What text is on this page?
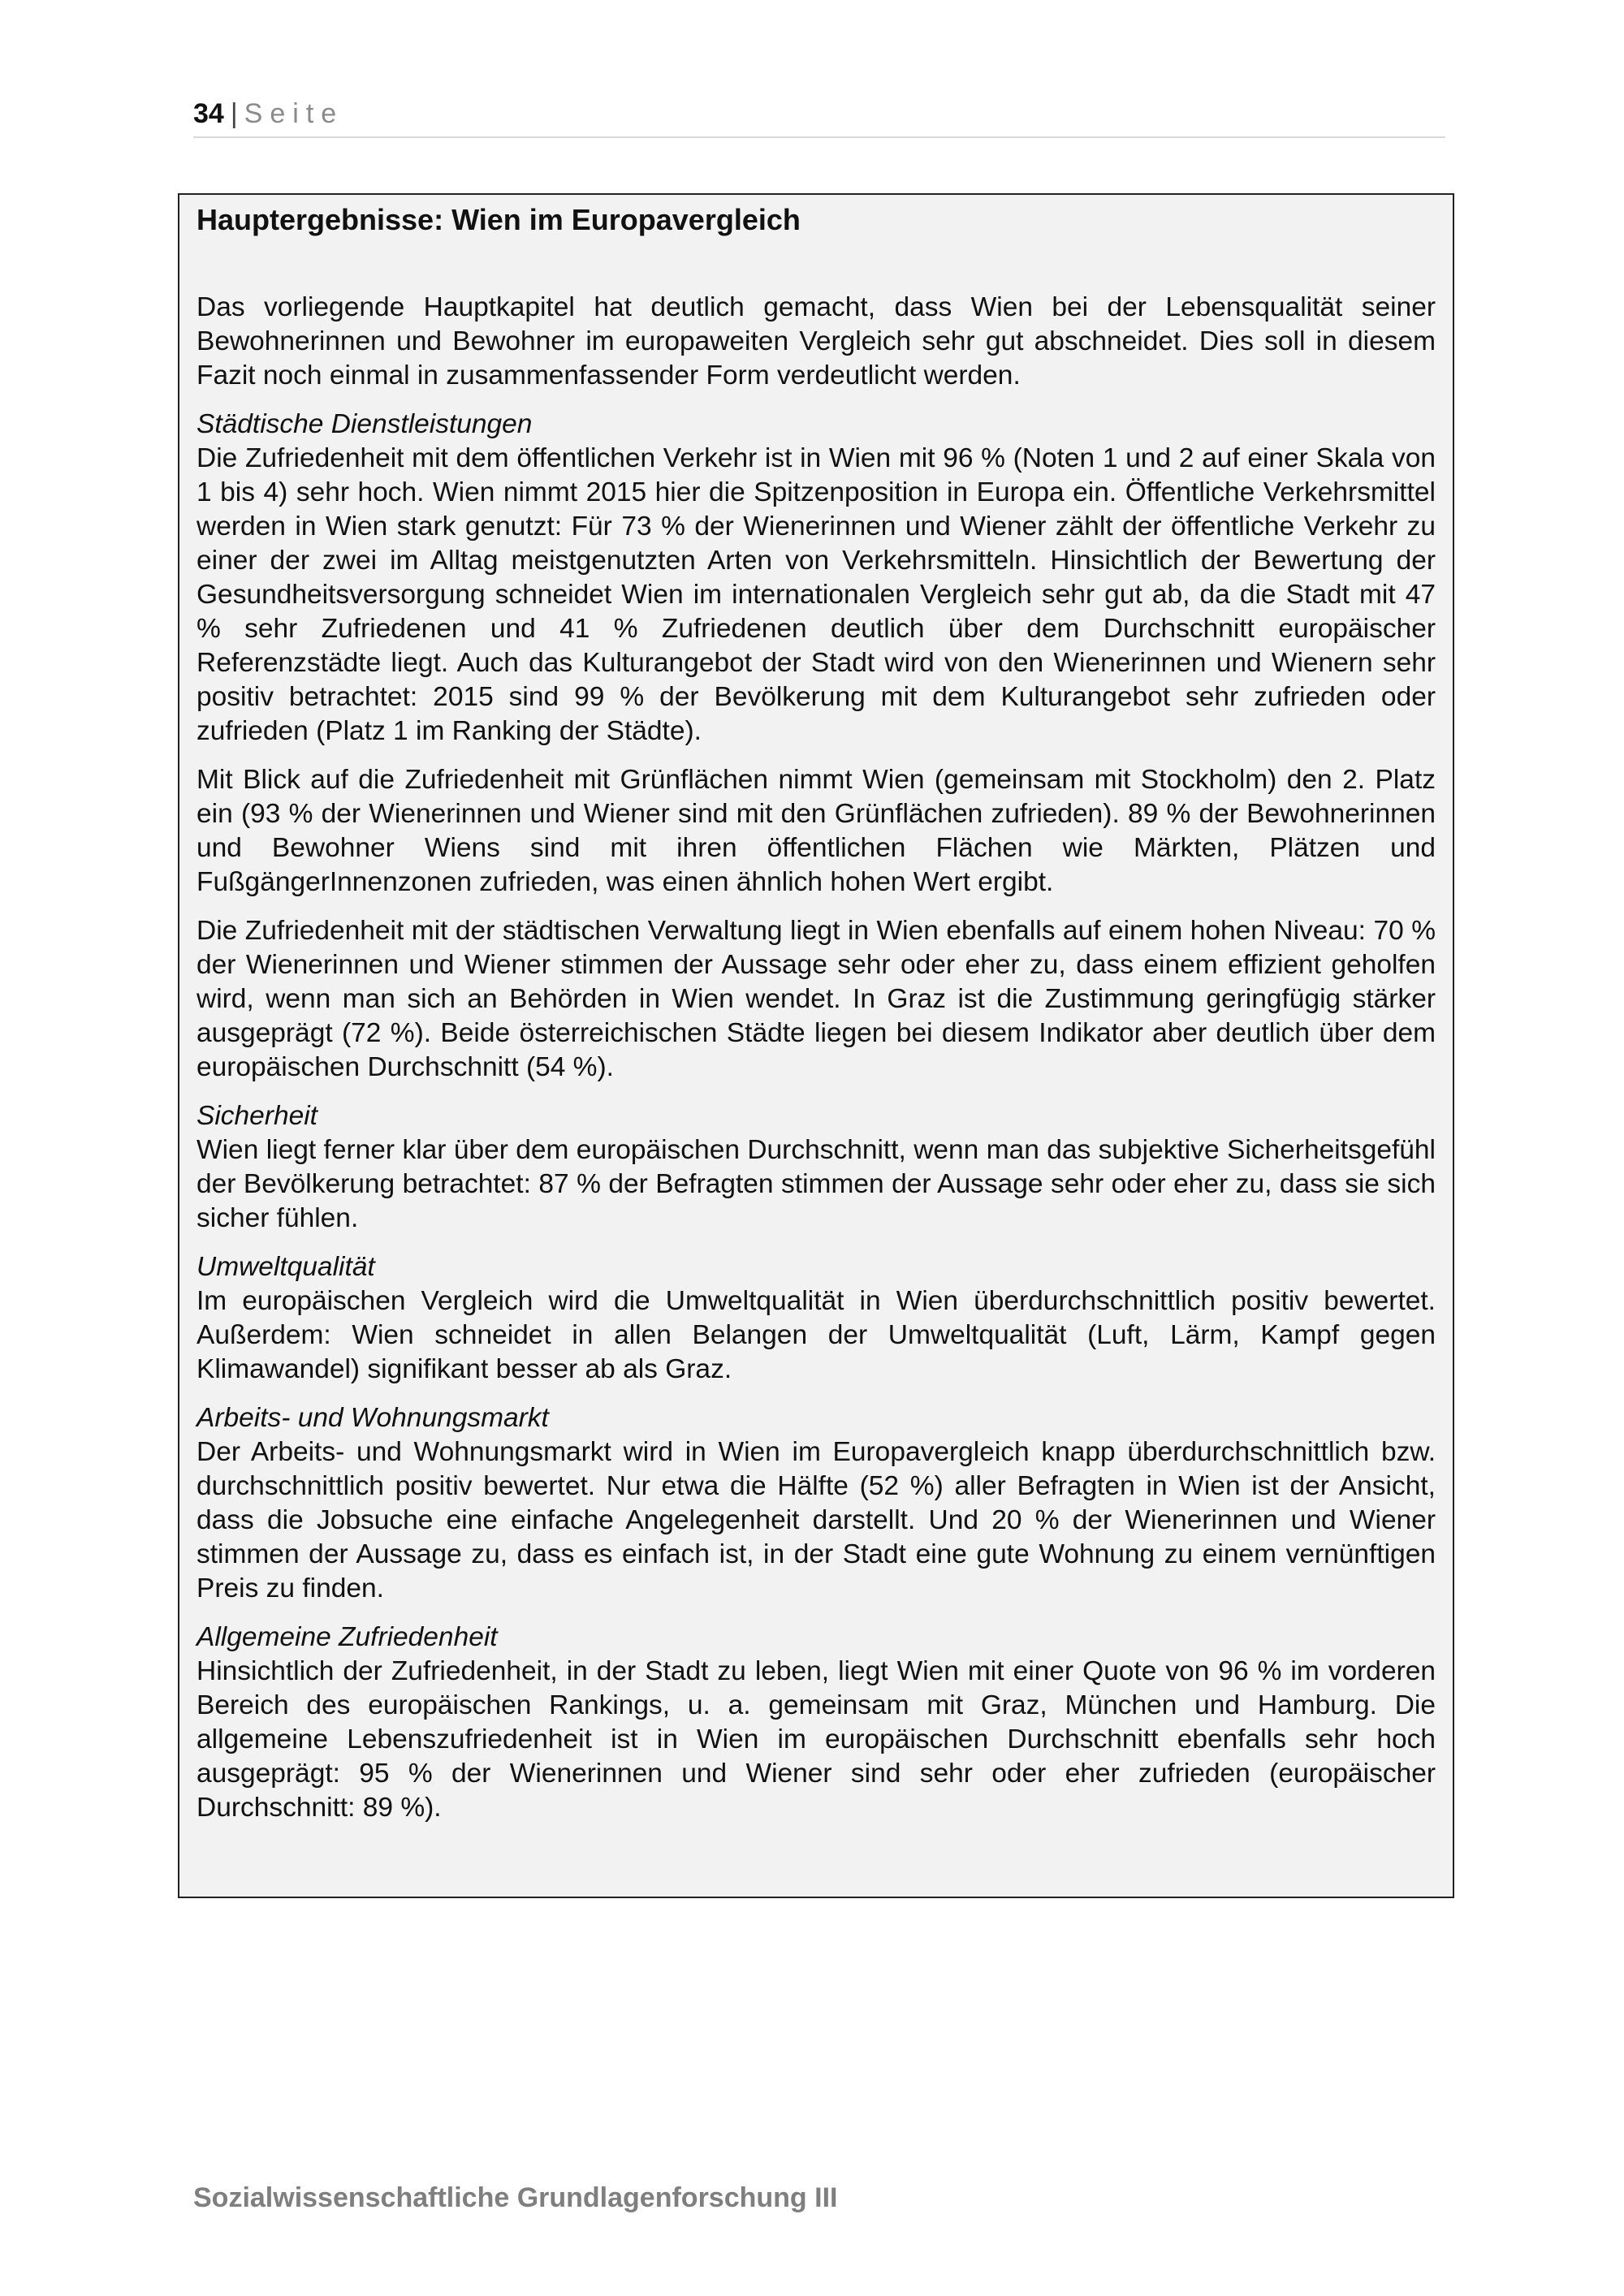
34 | Seite
Hauptergebnisse: Wien im Europavergleich

Das vorliegende Hauptkapitel hat deutlich gemacht, dass Wien bei der Lebensqualität seiner Bewohnerinnen und Bewohner im europaweiten Vergleich sehr gut abschneidet. Dies soll in diesem Fazit noch einmal in zusammenfassender Form verdeutlicht werden.

Städtische Dienstleistungen

Die Zufriedenheit mit dem öffentlichen Verkehr ist in Wien mit 96 % (Noten 1 und 2 auf einer Skala von 1 bis 4) sehr hoch. Wien nimmt 2015 hier die Spitzenposition in Europa ein. Öffentliche Verkehrsmittel werden in Wien stark genutzt: Für 73 % der Wienerinnen und Wiener zählt der öffentliche Verkehr zu einer der zwei im Alltag meistgenutzten Arten von Verkehrsmitteln. Hinsichtlich der Bewertung der Gesundheitsversorgung schneidet Wien im internationalen Vergleich sehr gut ab, da die Stadt mit 47 % sehr Zufriedenen und 41 % Zufriedenen deutlich über dem Durchschnitt europäischer Referenzstädte liegt. Auch das Kulturangebot der Stadt wird von den Wienerinnen und Wienern sehr positiv betrachtet: 2015 sind 99 % der Bevölkerung mit dem Kulturangebot sehr zufrieden oder zufrieden (Platz 1 im Ranking der Städte).

Mit Blick auf die Zufriedenheit mit Grünflächen nimmt Wien (gemeinsam mit Stockholm) den 2. Platz ein (93 % der Wienerinnen und Wiener sind mit den Grünflächen zufrieden). 89 % der Bewohnerinnen und Bewohner Wiens sind mit ihren öffentlichen Flächen wie Märkten, Plätzen und FußgängerInnenzonen zufrieden, was einen ähnlich hohen Wert ergibt.

Die Zufriedenheit mit der städtischen Verwaltung liegt in Wien ebenfalls auf einem hohen Niveau: 70 % der Wienerinnen und Wiener stimmen der Aussage sehr oder eher zu, dass einem effizient geholfen wird, wenn man sich an Behörden in Wien wendet. In Graz ist die Zustimmung geringfügig stärker ausgeprägt (72 %). Beide österreichischen Städte liegen bei diesem Indikator aber deutlich über dem europäischen Durchschnitt (54 %).

Sicherheit

Wien liegt ferner klar über dem europäischen Durchschnitt, wenn man das subjektive Sicherheitsgefühl der Bevölkerung betrachtet: 87 % der Befragten stimmen der Aussage sehr oder eher zu, dass sie sich sicher fühlen.

Umweltqualität

Im europäischen Vergleich wird die Umweltqualität in Wien überdurchschnittlich positiv bewertet. Außerdem: Wien schneidet in allen Belangen der Umweltqualität (Luft, Lärm, Kampf gegen Klimawandel) signifikant besser ab als Graz.

Arbeits- und Wohnungsmarkt

Der Arbeits- und Wohnungsmarkt wird in Wien im Europavergleich knapp überdurchschnittlich bzw. durchschnittlich positiv bewertet. Nur etwa die Hälfte (52 %) aller Befragten in Wien ist der Ansicht, dass die Jobsuche eine einfache Angelegenheit darstellt. Und 20 % der Wienerinnen und Wiener stimmen der Aussage zu, dass es einfach ist, in der Stadt eine gute Wohnung zu einem vernünftigen Preis zu finden.

Allgemeine Zufriedenheit

Hinsichtlich der Zufriedenheit, in der Stadt zu leben, liegt Wien mit einer Quote von 96 % im vorderen Bereich des europäischen Rankings, u. a. gemeinsam mit Graz, München und Hamburg. Die allgemeine Lebenszufriedenheit ist in Wien im europäischen Durchschnitt ebenfalls sehr hoch ausgeprägt: 95 % der Wienerinnen und Wiener sind sehr oder eher zufrieden (europäischer Durchschnitt: 89 %).

Sozialwissenschaftliche Grundlagenforschung III
